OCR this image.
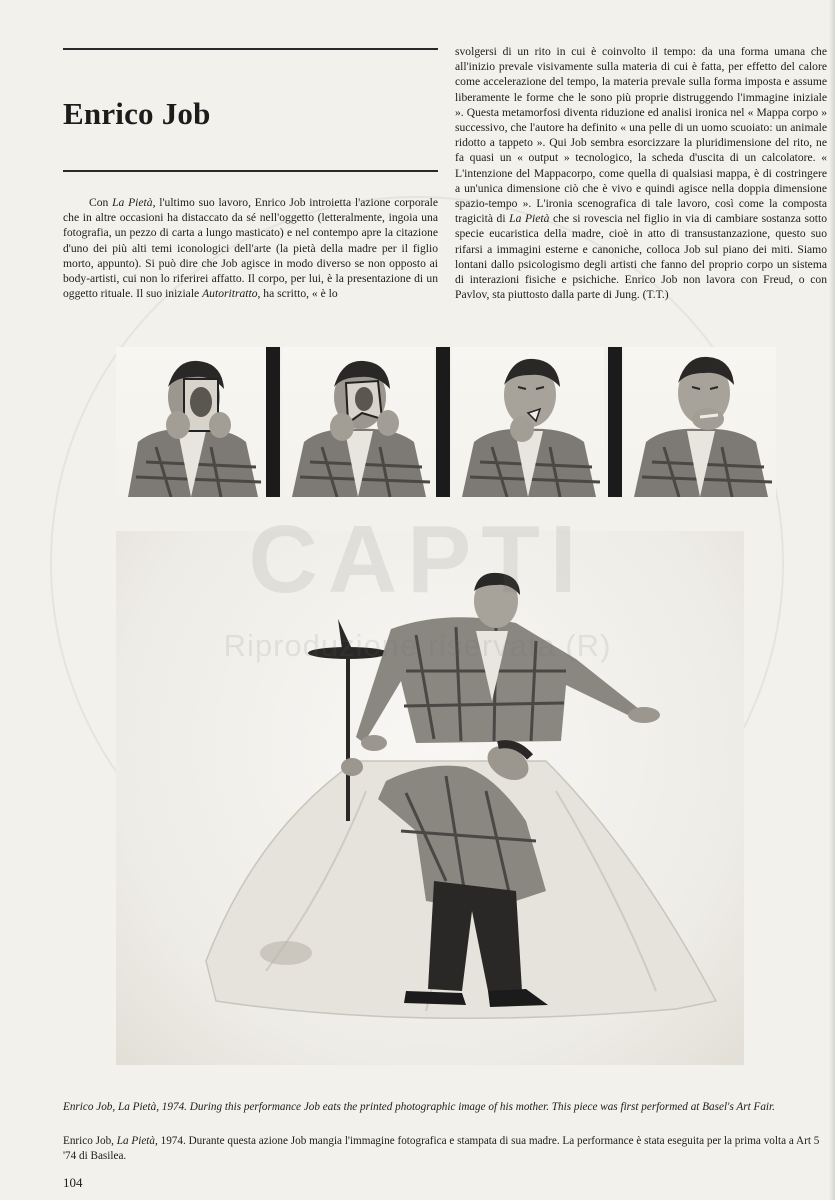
Enrico Job

Con La Pietà, l'ultimo suo lavoro, Enrico Job introietta l'azione corporale che in altre occasioni ha distaccato da sé nell'oggetto (letteralmente, ingoia una fotografia, un pezzo di carta a lungo masticato) e nel contempo apre la citazione d'uno dei più alti temi iconologici dell'arte (la pietà della madre per il figlio morto, appunto). Si può dire che Job agisce in modo diverso se non opposto ai body-artisti, cui non lo riferirei affatto. Il corpo, per lui, è la presentazione di un oggetto rituale. Il suo iniziale Autoritratto, ha scritto, « è lo

svolgersi di un rito in cui è coinvolto il tempo: da una forma umana che all'inizio prevale visivamente sulla materia di cui è fatta, per effetto del calore come accelerazione del tempo, la materia prevale sulla forma imposta e assume liberamente le forme che le sono più proprie distruggendo l'immagine iniziale ». Questa metamorfosi diventa riduzione ed analisi ironica nel « Mappa corpo » successivo, che l'autore ha definito « una pelle di un uomo scuoiato: un animale ridotto a tappeto ». Qui Job sembra esorcizzare la pluridimensione del rito, ne fa quasi un « output » tecnologico, la scheda d'uscita di un calcolatore. « L'intenzione del Mappacorpo, come quella di qualsiasi mappa, è di costringere a un'unica dimensione ciò che è vivo e quindi agisce nella doppia dimensione spazio-tempo ». L'ironia scenografica di tale lavoro, così come la composta tragicità di La Pietà che si rovescia nel figlio in via di cambiare sostanza sotto specie eucaristica della madre, cioè in atto di transustanzazione, questo suo rifarsi a immagini esterne e canoniche, colloca Job sul piano dei miti. Siamo lontani dallo psicologismo degli artisti che fanno del proprio corpo un sistema di interazioni fisiche e psichiche. Enrico Job non lavora con Freud, o con Pavlov, sta piuttosto dalla parte di Jung. (T.T.)

Enrico Job, La Pietà, 1974. During this performance Job eats the printed photographic image of his mother. This piece was first performed at Basel's Art Fair.

Enrico Job, La Pietà, 1974. Durante questa azione Job mangia l'immagine fotografica e stampata di sua madre. La performance è stata eseguita per la prima volta a Art 5 '74 di Basilea.

104
